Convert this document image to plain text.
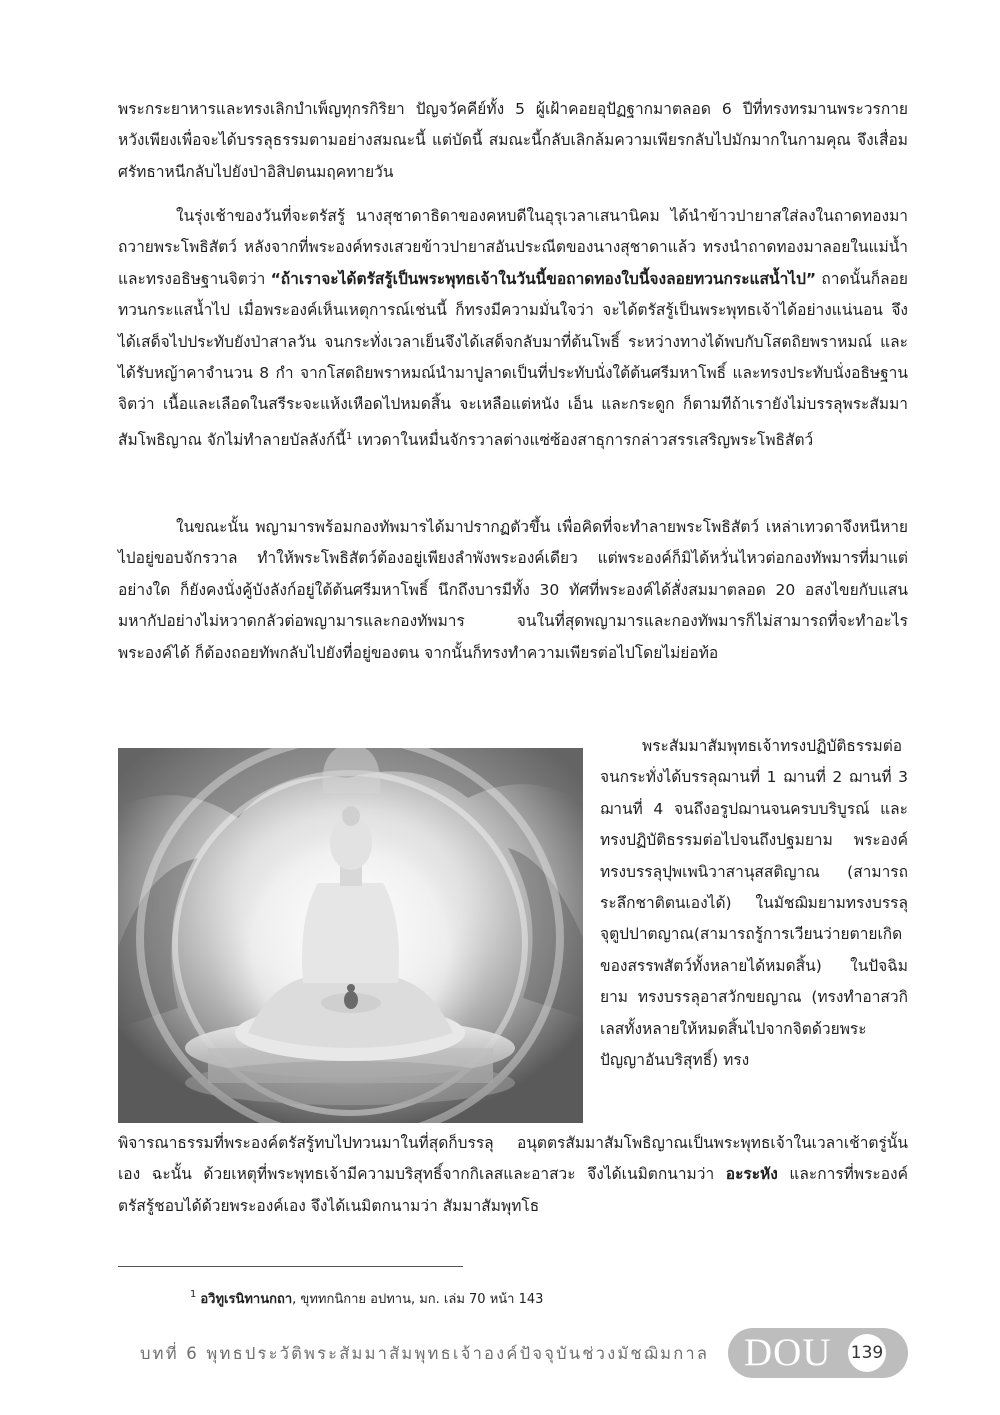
พระกระยาหารและทรงเลิกบำเพ็ญทุกรกิริยา ปัญจวัคคีย์ทั้ง 5 ผู้เฝ้าคอยอุปัฏฐากมาตลอด 6 ปีที่ทรงทรมานพระวรกาย หวังเพียงเพื่อจะได้บรรลุธรรมตามอย่างสมณะนี้ แต่บัดนี้ สมณะนี้กลับเลิกล้มความเพียรกลับไปมักมากในกามคุณ จึงเสื่อมศรัทธาหนีกลับไปยังป่าอิสิปตนมฤคทายวัน

ในรุ่งเช้าของวันที่จะตรัสรู้ นางสุชาดาธิดาของคหบดีในอุรุเวลาเสนานิคม ได้นำข้าวปายาสใส่ลงในถาดทองมาถวายพระโพธิสัตว์ หลังจากที่พระองค์ทรงเสวยข้าวปายาสอันประณีตของนางสุชาดาแล้ว ทรงนำถาดทองมาลอยในแม่น้ำและทรงอธิษฐานจิตว่า “ถ้าเราจะได้ตรัสรู้เป็นพระพุทธเจ้าในวันนี้ขอถาดทองใบนี้จงลอยทวนกระแสน้ำไป” ถาดนั้นก็ลอยทวนกระแสน้ำไป เมื่อพระองค์เห็นเหตุการณ์เช่นนี้ ก็ทรงมีความมั่นใจว่า จะได้ตรัสรู้เป็นพระพุทธเจ้าได้อย่างแน่นอน จึงได้เสด็จไปประทับยังป่าสาลวัน จนกระทั่งเวลาเย็นจึงได้เสด็จกลับมาที่ต้นโพธิ์ ระหว่างทางได้พบกับโสตถิยพราหมณ์ และได้รับหญ้าคาจำนวน 8 กำ จากโสตถิยพราหมณ์นำมาปูลาดเป็นที่ประทับนั่งใต้ต้นศรีมหาโพธิ์ และทรงประทับนั่งอธิษฐานจิตว่า เนื้อและเลือดในสรีระจะแห้งเหือดไปหมดสิ้น จะเหลือแต่หนัง เอ็น และกระดูก ก็ตามทีถ้าเรายังไม่บรรลุพระสัมมาสัมโพธิญาณ จักไม่ทำลายบัลลังก์นี้$^1$ เทวดาในหมื่นจักรวาลต่างแซ่ซ้องสาธุการกล่าวสรรเสริญพระโพธิสัตว์

ในขณะนั้น พญามารพร้อมกองทัพมารได้มาปรากฏตัวขึ้น เพื่อคิดที่จะทำลายพระโพธิสัตว์ เหล่าเทวดาจึงหนีหายไปอยู่ขอบจักรวาล ทำให้พระโพธิสัตว์ต้องอยู่เพียงลำพังพระองค์เดียว แต่พระองค์ก็มิได้หวั่นไหวต่อกองทัพมารที่มาแต่อย่างใด ก็ยังคงนั่งคู้บังลังก์อยู่ใต้ต้นศรีมหาโพธิ์ นึกถึงบารมีทั้ง 30 ทัศที่พระองค์ได้สั่งสมมาตลอด 20 อสงไขยกับแสนมหากัปอย่างไม่หวาดกลัวต่อพญามารและกองทัพมาร จนในที่สุดพญามารและกองทัพมารก็ไม่สามารถที่จะทำอะไรพระองค์ได้ ก็ต้องถอยทัพกลับไปยังที่อยู่ของตน จากนั้นก็ทรงทำความเพียรต่อไปโดยไม่ย่อท้อ

พระสัมมาสัมพุทธเจ้าทรงปฏิบัติธรรมต่อ จนกระทั่งได้บรรลุฌานที่ 1 ฌานที่ 2 ฌานที่ 3 ฌานที่ 4 จนถึงอรูปฌานจนครบบริบูรณ์ และทรงปฏิบัติธรรมต่อไปจนถึงปฐมยาม พระองค์ทรงบรรลุปุพเพนิวาสานุสสติญาณ (สามารถระลึกชาติตนเองได้) ในมัชฌิมยามทรงบรรลุจุตูปปาตญาณ(สามารถรู้การเวียนว่ายตายเกิดของสรรพสัตว์ทั้งหลายได้หมดสิ้น) ในปัจฉิมยาม ทรงบรรลุอาสวักขยญาณ (ทรงทำอาสวกิเลสทั้งหลายให้หมดสิ้นไปจากจิตด้วยพระปัญญาอันบริสุทธิ์) ทรง

พิจารณาธรรมที่พระองค์ตรัสรู้ทบไปทวนมาในที่สุดก็บรรลุ อนุตตรสัมมาสัมโพธิญาณเป็นพระพุทธเจ้าในเวลาเช้าตรู่นั้นเอง ฉะนั้น ด้วยเหตุที่พระพุทธเจ้ามีความบริสุทธิ์จากกิเลสและอาสวะ จึงได้เนมิตกนามว่า อะระหัง และการที่พระองค์ตรัสรู้ชอบได้ด้วยพระองค์เอง จึงได้เนมิตกนามว่า สัมมาสัมพุทโธ

$^1$ อวิทูเรนิทานกถา, ขุททกนิกาย อปทาน, มก. เล่ม 70 หน้า 143
บทที่ 6 พุทธประวัติพระสัมมาสัมพุทธเจ้าองค์ปัจจุบันช่วงมัชฌิมกาล DOU 139
